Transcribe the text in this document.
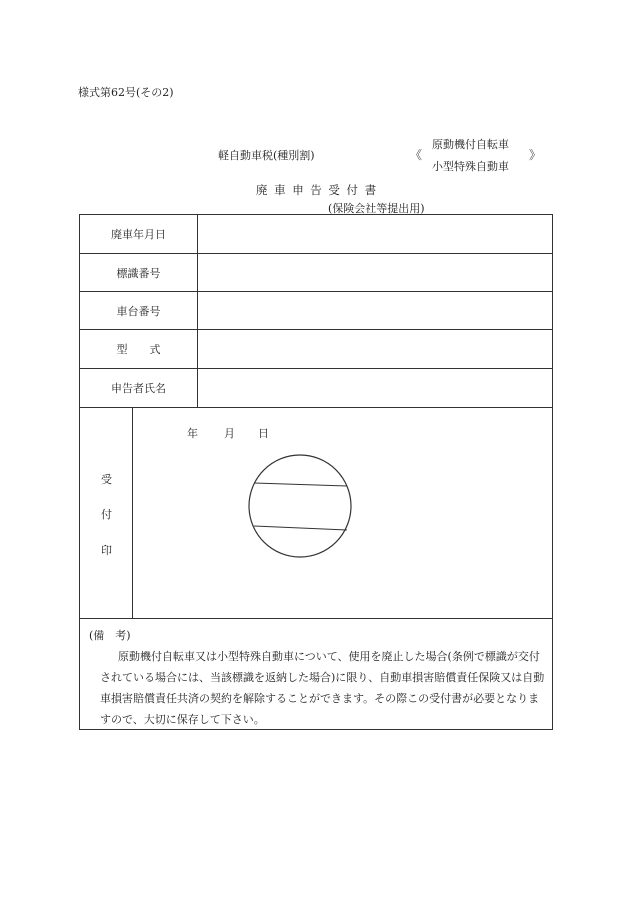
様式第62号(その2)
軽自動車税(種別割)	《
原動機付自転車
小型特殊自動車
》
廃車申告受付書
(保険会社等提出用)
廃車年月日
標識番号
車台番号
型　　式
申告者氏名
受
付
印
年 月 日
(備　考)

原動機付自転車又は小型特殊自動車について、使用を廃止した場合(条例で標識が交付されている場合には、当該標識を返納した場合)に限り、自動車損害賠償責任保険又は自動車損害賠償責任共済の契約を解除することができます。その際この受付書が必要となりますので、大切に保存して下さい。
